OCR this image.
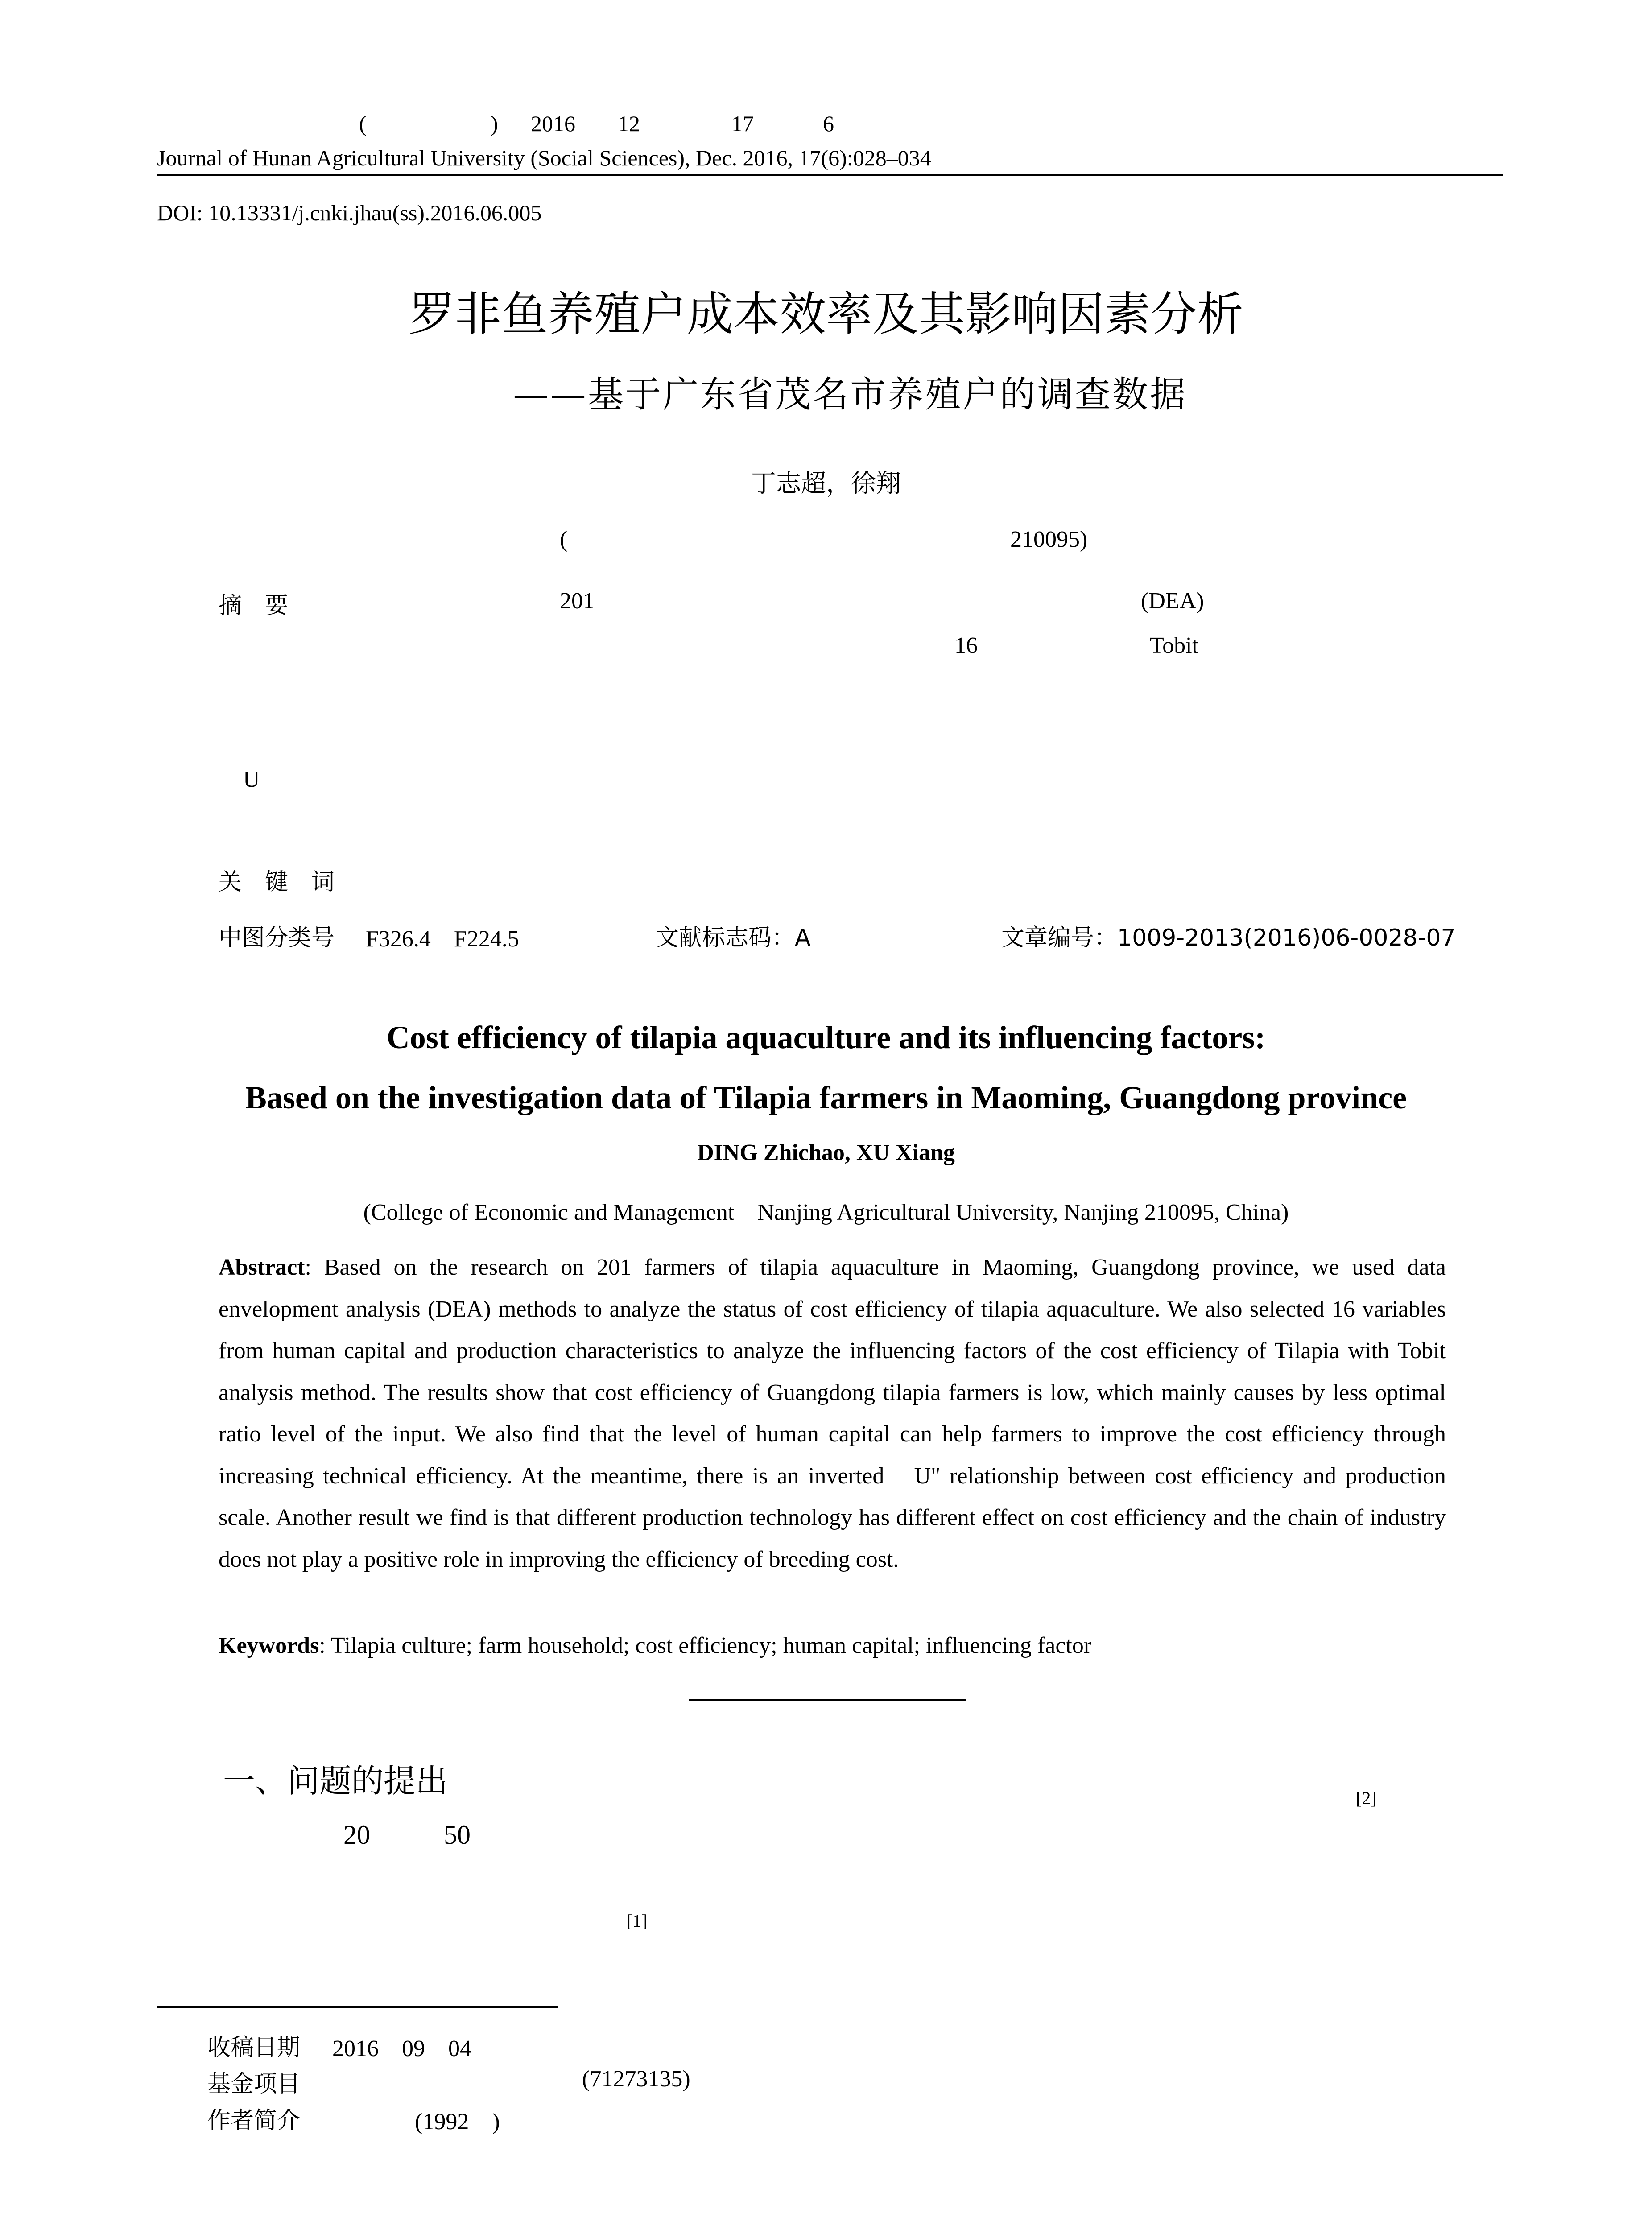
(	) 2016 12	17	6
Journal of Hunan Agricultural University (Social Sciences), Dec. 2016, 17(6):028–034
DOI: 10.13331/j.cnki.jhau(ss).2016.06.005
罗非鱼养殖户成本效率及其影响因素分析
——基于广东省茂名市养殖户的调查数据
丁志超，徐翔
(	210095)
摘　要	201	(DEA)
16	Tobit
U
关　键　词
中图分类号 F326.4　F224.5	文献标志码：A	文章编号：1009-2013(2016)06-0028-07
Cost efficiency of tilapia aquaculture and its influencing factors:
Based on the investigation data of Tilapia farmers in Maoming, Guangdong province
DING Zhichao, XU Xiang
(College of Economic and Management　Nanjing Agricultural University, Nanjing 210095, China)
Abstract: Based on the research on 201 farmers of tilapia aquaculture in Maoming, Guangdong province, we used data envelopment analysis (DEA) methods to analyze the status of cost efficiency of tilapia aquaculture. We also selected 16 variables from human capital and production characteristics to analyze the influencing factors of the cost efficiency of Tilapia with Tobit analysis method. The results show that cost efficiency of Guangdong tilapia farmers is low, which mainly causes by less optimal ratio level of the input. We also find that the level of human capital can help farmers to improve the cost efficiency through increasing technical efficiency. At the meantime, there is an inverted　U" relationship between cost efficiency and production scale. Another result we find is that different production technology has different effect on cost efficiency and the chain of industry does not play a positive role in improving the efficiency of breeding cost.
Keywords: Tilapia culture; farm household; cost efficiency; human capital; influencing factor
一、问题的提出	[2]
20	50
[1]
收稿日期 2016　09　04
基金项目	(71273135)
作者简介	(1992　)
